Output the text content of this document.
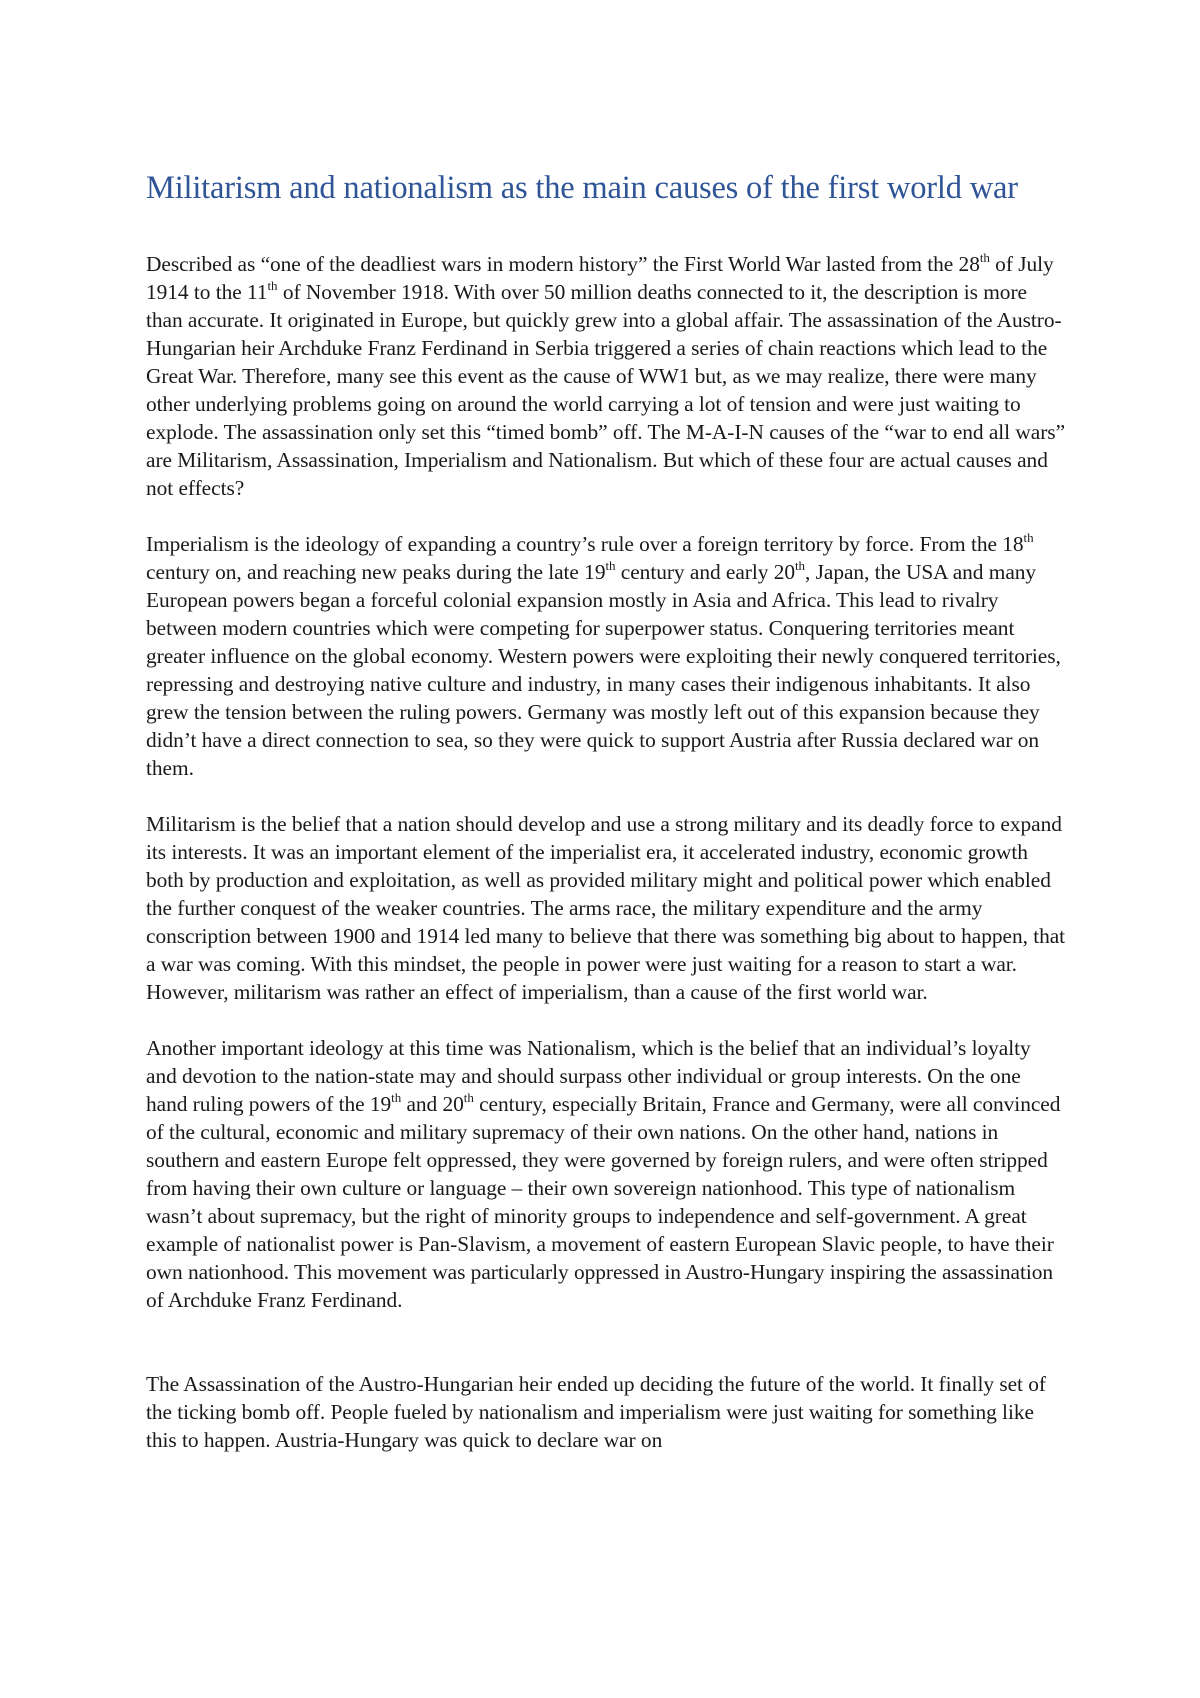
Militarism and nationalism as the main causes of the first world war

Described as “one of the deadliest wars in modern history” the First World War lasted from the 28th of July 1914 to the 11th of November 1918. With over 50 million deaths connected to it, the description is more than accurate. It originated in Europe, but quickly grew into a global affair. The assassination of the Austro-Hungarian heir Archduke Franz Ferdinand in Serbia triggered a series of chain reactions which lead to the Great War. Therefore, many see this event as the cause of WW1 but, as we may realize, there were many other underlying problems going on around the world carrying a lot of tension and were just waiting to explode. The assassination only set this “timed bomb” off. The M-A-I-N causes of the “war to end all wars” are Militarism, Assassination, Imperialism and Nationalism. But which of these four are actual causes and not effects?

Imperialism is the ideology of expanding a country’s rule over a foreign territory by force. From the 18th century on, and reaching new peaks during the late 19th century and early 20th, Japan, the USA and many European powers began a forceful colonial expansion mostly in Asia and Africa. This lead to rivalry between modern countries which were competing for superpower status. Conquering territories meant greater influence on the global economy. Western powers were exploiting their newly conquered territories, repressing and destroying native culture and industry, in many cases their indigenous inhabitants. It also grew the tension between the ruling powers. Germany was mostly left out of this expansion because they didn’t have a direct connection to sea, so they were quick to support Austria after Russia declared war on them.

Militarism is the belief that a nation should develop and use a strong military and its deadly force to expand its interests. It was an important element of the imperialist era, it accelerated industry, economic growth both by production and exploitation, as well as provided military might and political power which enabled the further conquest of the weaker countries. The arms race, the military expenditure and the army conscription between 1900 and 1914 led many to believe that there was something big about to happen, that a war was coming. With this mindset, the people in power were just waiting for a reason to start a war. However, militarism was rather an effect of imperialism, than a cause of the first world war.

Another important ideology at this time was Nationalism, which is the belief that an individual’s loyalty and devotion to the nation-state may and should surpass other individual or group interests. On the one hand ruling powers of the 19th and 20th century, especially Britain, France and Germany, were all convinced of the cultural, economic and military supremacy of their own nations. On the other hand, nations in southern and eastern Europe felt oppressed, they were governed by foreign rulers, and were often stripped from having their own culture or language – their own sovereign nationhood. This type of nationalism wasn’t about supremacy, but the right of minority groups to independence and self-government. A great example of nationalist power is Pan-Slavism, a movement of eastern European Slavic people, to have their own nationhood. This movement was particularly oppressed in Austro-Hungary inspiring the assassination of Archduke Franz Ferdinand.

The Assassination of the Austro-Hungarian heir ended up deciding the future of the world. It finally set of the ticking bomb off. People fueled by nationalism and imperialism were just waiting for something like this to happen. Austria-Hungary was quick to declare war on
